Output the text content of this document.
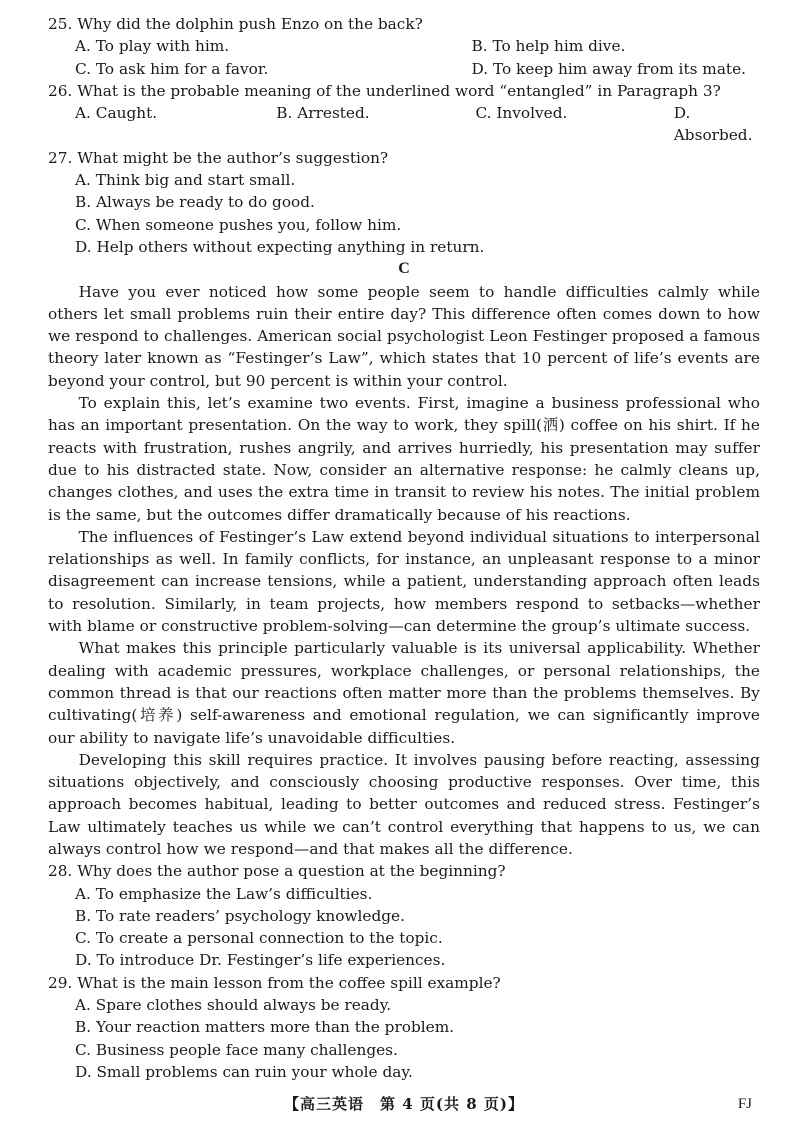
25. Why did the dolphin push Enzo on the back?

A. To play with him.	B. To help him dive.
C. To ask him for a favor.	D. To keep him away from its mate.

26. What is the probable meaning of the underlined word “entangled” in Paragraph 3?

A. Caught.	B. Arrested.	C. Involved.	D. Absorbed.

27. What might be the author’s suggestion?

A. Think big and start small.
B. Always be ready to do good.
C. When someone pushes you, follow him.
D. Help others without expecting anything in return.

C

Have you ever noticed how some people seem to handle difficulties calmly while others let small problems ruin their entire day? This difference often comes down to how we respond to challenges. American social psychologist Leon Festinger proposed a famous theory later known as “Festinger’s Law”, which states that 10 percent of life’s events are beyond your control, but 90 percent is within your control.

To explain this, let’s examine two events. First, imagine a business professional who has an important presentation. On the way to work, they spill(洒) coffee on his shirt. If he reacts with frustration, rushes angrily, and arrives hurriedly, his presentation may suffer due to his distracted state. Now, consider an alternative response: he calmly cleans up, changes clothes, and uses the extra time in transit to review his notes. The initial problem is the same, but the outcomes differ dramatically because of his reactions.

The influences of Festinger’s Law extend beyond individual situations to interpersonal relationships as well. In family conflicts, for instance, an unpleasant response to a minor disagreement can increase tensions, while a patient, understanding approach often leads to resolution. Similarly, in team projects, how members respond to setbacks—whether with blame or constructive problem-solving—can determine the group’s ultimate success.

What makes this principle particularly valuable is its universal applicability. Whether dealing with academic pressures, workplace challenges, or personal relationships, the common thread is that our reactions often matter more than the problems themselves. By cultivating(培养) self-awareness and emotional regulation, we can significantly improve our ability to navigate life’s unavoidable difficulties.

Developing this skill requires practice. It involves pausing before reacting, assessing situations objectively, and consciously choosing productive responses. Over time, this approach becomes habitual, leading to better outcomes and reduced stress. Festinger’s Law ultimately teaches us while we can’t control everything that happens to us, we can always control how we respond—and that makes all the difference.

28. Why does the author pose a question at the beginning?

A. To emphasize the Law’s difficulties.
B. To rate readers’ psychology knowledge.
C. To create a personal connection to the topic.
D. To introduce Dr. Festinger’s life experiences.

29. What is the main lesson from the coffee spill example?

A. Spare clothes should always be ready.
B. Your reaction matters more than the problem.
C. Business people face many challenges.
D. Small problems can ruin your whole day.
【高三英语　第 4 页(共 8 页)】	FJ
